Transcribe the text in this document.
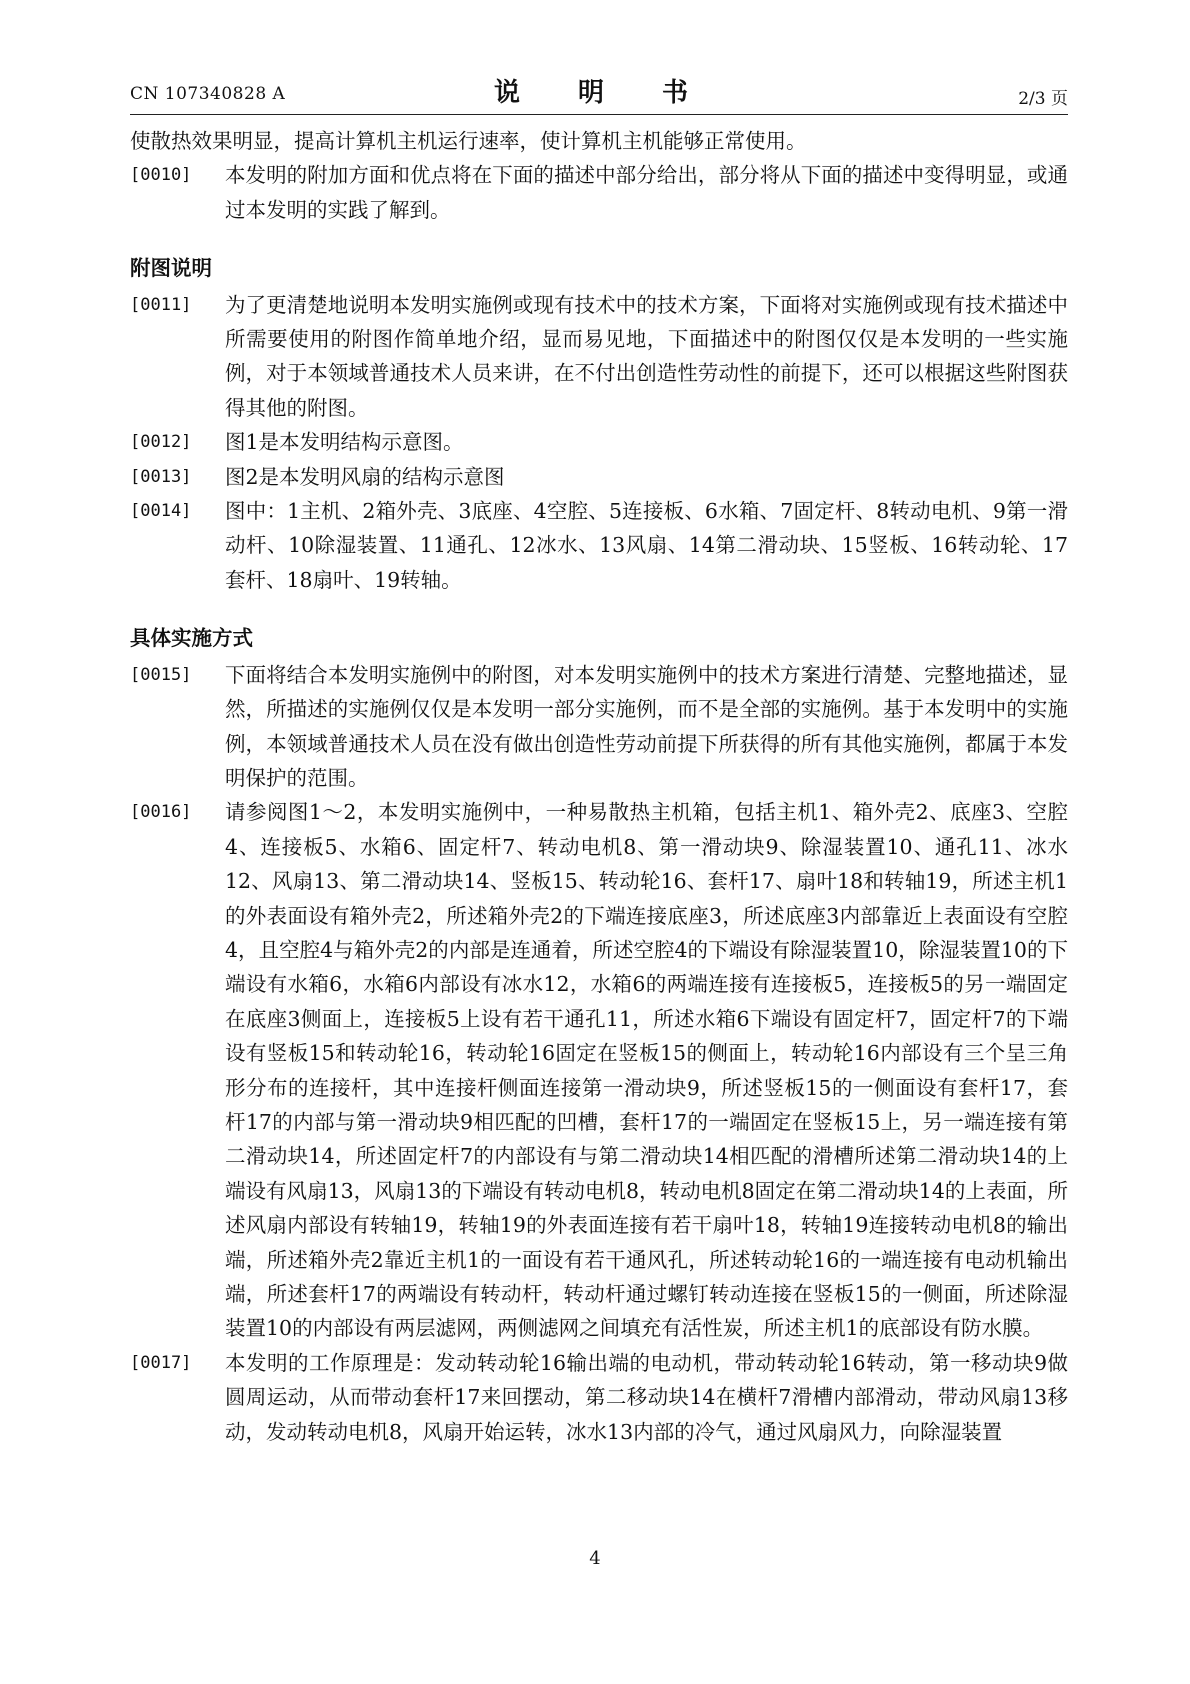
CN 107340828 A	说　明　书	2/3 页

使散热效果明显，提高计算机主机运行速率，使计算机主机能够正常使用。

[0010] 本发明的附加方面和优点将在下面的描述中部分给出，部分将从下面的描述中变得明显，或通过本发明的实践了解到。

附图说明

[0011] 为了更清楚地说明本发明实施例或现有技术中的技术方案，下面将对实施例或现有技术描述中所需要使用的附图作简单地介绍，显而易见地，下面描述中的附图仅仅是本发明的一些实施例，对于本领域普通技术人员来讲，在不付出创造性劳动性的前提下，还可以根据这些附图获得其他的附图。

[0012] 图1是本发明结构示意图。

[0013] 图2是本发明风扇的结构示意图

[0014] 图中：1主机、2箱外壳、3底座、4空腔、5连接板、6水箱、7固定杆、8转动电机、9第一滑动杆、10除湿装置、11通孔、12冰水、13风扇、14第二滑动块、15竖板、16转动轮、17套杆、18扇叶、19转轴。

具体实施方式

[0015] 下面将结合本发明实施例中的附图，对本发明实施例中的技术方案进行清楚、完整地描述，显然，所描述的实施例仅仅是本发明一部分实施例，而不是全部的实施例。基于本发明中的实施例，本领域普通技术人员在没有做出创造性劳动前提下所获得的所有其他实施例，都属于本发明保护的范围。

[0016] 请参阅图1～2，本发明实施例中，一种易散热主机箱，包括主机1、箱外壳2、底座3、空腔4、连接板5、水箱6、固定杆7、转动电机8、第一滑动块9、除湿装置10、通孔11、冰水12、风扇13、第二滑动块14、竖板15、转动轮16、套杆17、扇叶18和转轴19，所述主机1的外表面设有箱外壳2，所述箱外壳2的下端连接底座3，所述底座3内部靠近上表面设有空腔4，且空腔4与箱外壳2的内部是连通着，所述空腔4的下端设有除湿装置10，除湿装置10的下端设有水箱6，水箱6内部设有冰水12，水箱6的两端连接有连接板5，连接板5的另一端固定在底座3侧面上，连接板5上设有若干通孔11，所述水箱6下端设有固定杆7，固定杆7的下端设有竖板15和转动轮16，转动轮16固定在竖板15的侧面上，转动轮16内部设有三个呈三角形分布的连接杆，其中连接杆侧面连接第一滑动块9，所述竖板15的一侧面设有套杆17，套杆17的内部与第一滑动块9相匹配的凹槽，套杆17的一端固定在竖板15上，另一端连接有第二滑动块14，所述固定杆7的内部设有与第二滑动块14相匹配的滑槽所述第二滑动块14的上端设有风扇13，风扇13的下端设有转动电机8，转动电机8固定在第二滑动块14的上表面，所述风扇内部设有转轴19，转轴19的外表面连接有若干扇叶18，转轴19连接转动电机8的输出端，所述箱外壳2靠近主机1的一面设有若干通风孔，所述转动轮16的一端连接有电动机输出端，所述套杆17的两端设有转动杆，转动杆通过螺钉转动连接在竖板15的一侧面，所述除湿装置10的内部设有两层滤网，两侧滤网之间填充有活性炭，所述主机1的底部设有防水膜。

[0017] 本发明的工作原理是：发动转动轮16输出端的电动机，带动转动轮16转动，第一移动块9做圆周运动，从而带动套杆17来回摆动，第二移动块14在横杆7滑槽内部滑动，带动风扇13移动，发动转动电机8，风扇开始运转，冰水13内部的冷气，通过风扇风力，向除湿装置

4
